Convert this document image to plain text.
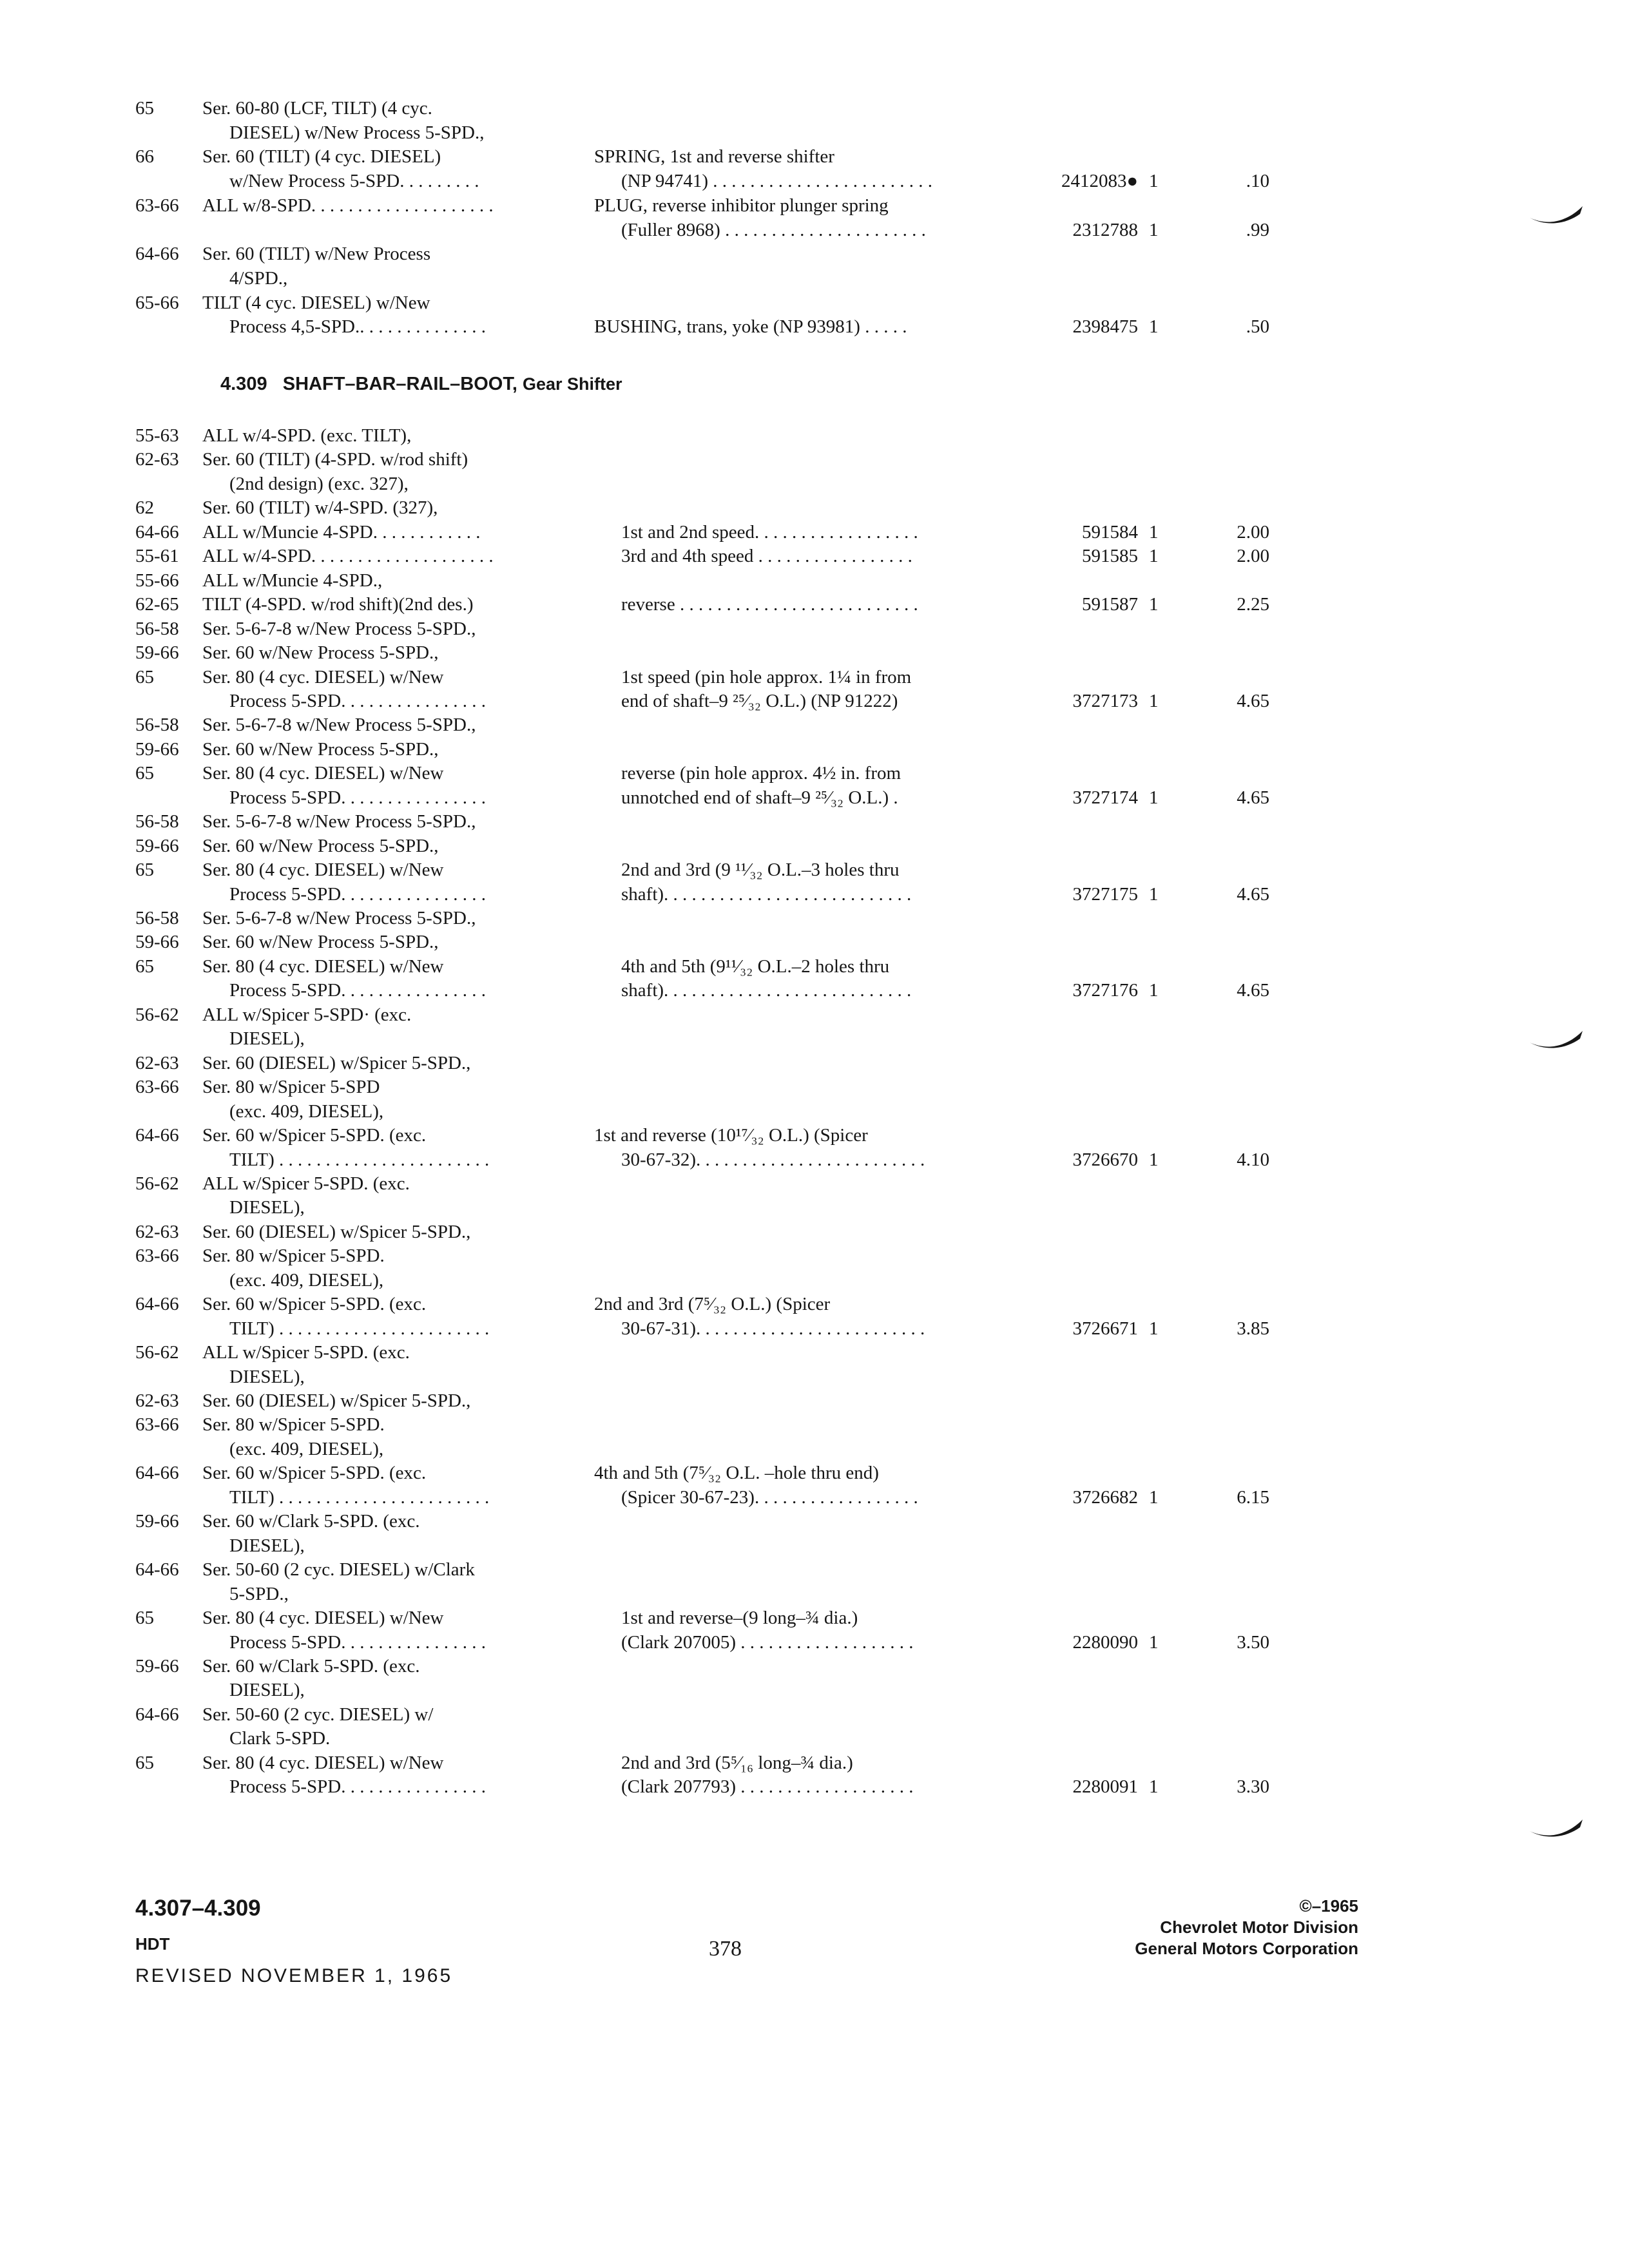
65	Ser. 60-80 (LCF, TILT) (4 cyc.
DIESEL) w/New Process 5-SPD.,
66	Ser. 60 (TILT) (4 cyc. DIESEL)	SPRING, 1st and reverse shifter
w/New Process 5-SPD. . . . . . . . .	(NP 94741) . . . . . . . . . . . . . . . . . . . . . . . .	2412083● 1	.10
63-66 ALL w/8-SPD. . . . . . . . . . . . . . . . . . . .	PLUG, reverse inhibitor plunger spring
(Fuller 8968) . . . . . . . . . . . . . . . . . . . . . .	2312788 1	.99
64-66 Ser. 60 (TILT) w/New Process
4/SPD.,
65-66 TILT (4 cyc. DIESEL) w/New
Process 4,5-SPD.. . . . . . . . . . . . . .	BUSHING, trans, yoke (NP 93981) . . . . .	2398475 1	.50
4.309 SHAFT–BAR–RAIL–BOOT, Gear Shifter
55-63 ALL w/4-SPD. (exc. TILT),
62-63 Ser. 60 (TILT) (4-SPD. w/rod shift)
(2nd design) (exc. 327),
62	Ser. 60 (TILT) w/4-SPD. (327),
64-66 ALL w/Muncie 4-SPD. . . . . . . . . . . .	1st and 2nd speed. . . . . . . . . . . . . . . . . .	591584 1	2.00
55-61 ALL w/4-SPD. . . . . . . . . . . . . . . . . . . .	3rd and 4th speed . . . . . . . . . . . . . . . . .	591585 1	2.00
55-66 ALL w/Muncie 4-SPD.,
62-65 TILT (4-SPD. w/rod shift)(2nd des.)	reverse . . . . . . . . . . . . . . . . . . . . . . . . . .	591587 1	2.25
56-58 Ser. 5-6-7-8 w/New Process 5-SPD.,
59-66 Ser. 60 w/New Process 5-SPD.,
65	Ser. 80 (4 cyc. DIESEL) w/New	1st speed (pin hole approx. 1¼ in from
Process 5-SPD. . . . . . . . . . . . . . . .	end of shaft–9 ²⁵⁄₃₂ O.L.) (NP 91222)	3727173 1	4.65
56-58 Ser. 5-6-7-8 w/New Process 5-SPD.,
59-66 Ser. 60 w/New Process 5-SPD.,
65	Ser. 80 (4 cyc. DIESEL) w/New	reverse (pin hole approx. 4½ in. from
Process 5-SPD. . . . . . . . . . . . . . . .	unnotched end of shaft–9 ²⁵⁄₃₂ O.L.) .	3727174 1	4.65
56-58 Ser. 5-6-7-8 w/New Process 5-SPD.,
59-66 Ser. 60 w/New Process 5-SPD.,
65	Ser. 80 (4 cyc. DIESEL) w/New	2nd and 3rd (9 ¹¹⁄₃₂ O.L.–3 holes thru
Process 5-SPD. . . . . . . . . . . . . . . .	shaft). . . . . . . . . . . . . . . . . . . . . . . . . . .	3727175 1	4.65
56-58 Ser. 5-6-7-8 w/New Process 5-SPD.,
59-66 Ser. 60 w/New Process 5-SPD.,
65	Ser. 80 (4 cyc. DIESEL) w/New	4th and 5th (9¹¹⁄₃₂ O.L.–2 holes thru
Process 5-SPD. . . . . . . . . . . . . . . .	shaft). . . . . . . . . . . . . . . . . . . . . . . . . . .	3727176 1	4.65
56-62 ALL w/Spicer 5-SPD· (exc.
DIESEL),
62-63 Ser. 60 (DIESEL) w/Spicer 5-SPD.,
63-66 Ser. 80 w/Spicer 5-SPD
(exc. 409, DIESEL),
64-66 Ser. 60 w/Spicer 5-SPD. (exc.	1st and reverse (10¹⁷⁄₃₂ O.L.) (Spicer
TILT) . . . . . . . . . . . . . . . . . . . . . . .	30-67-32). . . . . . . . . . . . . . . . . . . . . . . . .	3726670 1	4.10
56-62 ALL w/Spicer 5-SPD. (exc.
DIESEL),
62-63 Ser. 60 (DIESEL) w/Spicer 5-SPD.,
63-66 Ser. 80 w/Spicer 5-SPD.
(exc. 409, DIESEL),
64-66 Ser. 60 w/Spicer 5-SPD. (exc.	2nd and 3rd (7⁵⁄₃₂ O.L.) (Spicer
TILT) . . . . . . . . . . . . . . . . . . . . . . .	30-67-31). . . . . . . . . . . . . . . . . . . . . . . . .	3726671 1	3.85
56-62 ALL w/Spicer 5-SPD. (exc.
DIESEL),
62-63 Ser. 60 (DIESEL) w/Spicer 5-SPD.,
63-66 Ser. 80 w/Spicer 5-SPD.
(exc. 409, DIESEL),
64-66 Ser. 60 w/Spicer 5-SPD. (exc.	4th and 5th (7⁵⁄₃₂ O.L. –hole thru end)
TILT) . . . . . . . . . . . . . . . . . . . . . . .	(Spicer 30-67-23). . . . . . . . . . . . . . . . . .	3726682 1	6.15
59-66 Ser. 60 w/Clark 5-SPD. (exc.
DIESEL),
64-66 Ser. 50-60 (2 cyc. DIESEL) w/Clark
5-SPD.,
65	Ser. 80 (4 cyc. DIESEL) w/New	1st and reverse–(9 long–¾ dia.)
Process 5-SPD. . . . . . . . . . . . . . . .	(Clark 207005) . . . . . . . . . . . . . . . . . . .	2280090 1	3.50
59-66 Ser. 60 w/Clark 5-SPD. (exc.
DIESEL),
64-66 Ser. 50-60 (2 cyc. DIESEL) w/
Clark 5-SPD.
65	Ser. 80 (4 cyc. DIESEL) w/New	2nd and 3rd (5⁵⁄₁₆ long–¾ dia.)
Process 5-SPD. . . . . . . . . . . . . . . .	(Clark 207793) . . . . . . . . . . . . . . . . . . .	2280091 1	3.30
4.307–4.309
HDT
REVISED NOVEMBER 1, 1965
378
©–1965
Chevrolet Motor Division
General Motors Corporation
